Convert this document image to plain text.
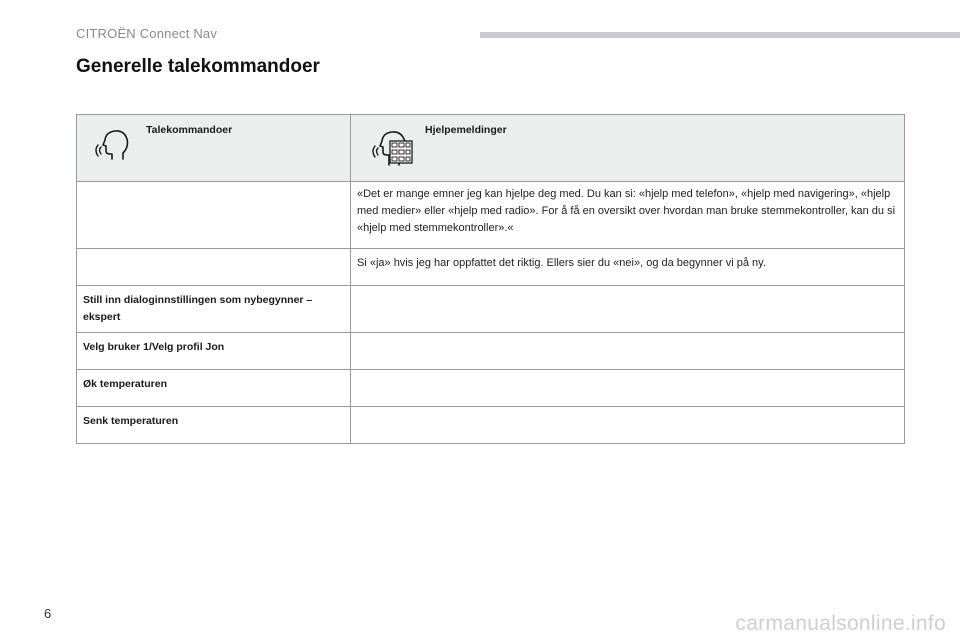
CITROËN Connect Nav
Generelle talekommandoer
Talekommandoer	Hjelpemeldinger

	«Det er mange emner jeg kan hjelpe deg med. Du kan si: «hjelp med telefon», «hjelp med navigering», «hjelp med medier» eller «hjelp med radio». For å få en oversikt over hvordan man bruke stemmekontroller, kan du si «hjelp med stemmekontroller».«
	Si «ja» hvis jeg har oppfattet det riktig. Ellers sier du «nei», og da begynner vi på ny.
Still inn dialoginnstillingen som nybegynner – ekspert	
Velg bruker 1/Velg profil Jon	
Øk temperaturen	
Senk temperaturen	
6	carmanualsonline.info
